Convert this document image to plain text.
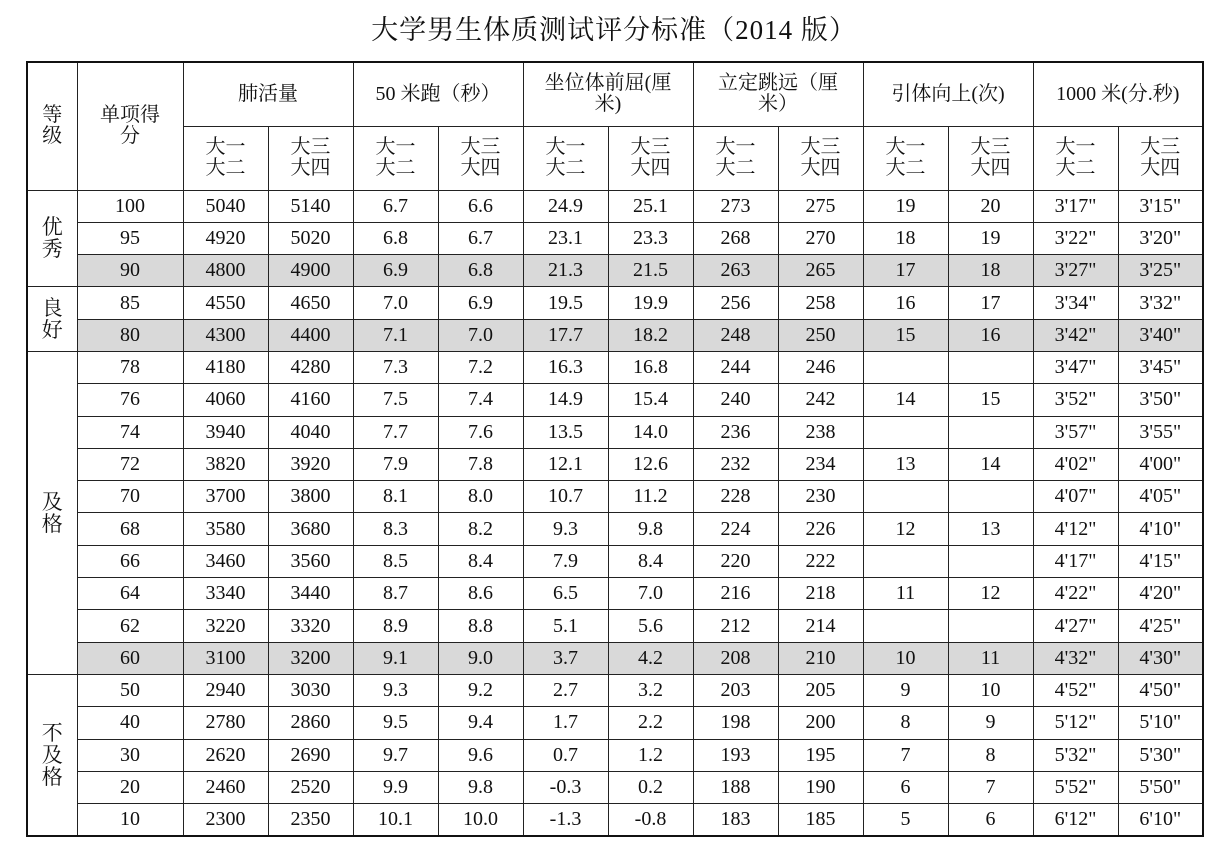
大学男生体质测试评分标准（2014 版）
等级	单项得分	肺活量		50 米跑（秒）		坐位体前屈(厘米)		立定跳远（厘米）		引体向上(次)		1000 米(分.秒)	
		大一大二	大三大四	大一大二	大三大四	大一大二	大三大四	大一大二	大三大四	大一大二	大三大四	大一大二	大三大四
优秀	100	5040	5140	6.7	6.6	24.9	25.1	273	275	19	20	3'17"	3'15"
	95	4920	5020	6.8	6.7	23.1	23.3	268	270	18	19	3'22"	3'20"
	90	4800	4900	6.9	6.8	21.3	21.5	263	265	17	18	3'27"	3'25"
良好	85	4550	4650	7.0	6.9	19.5	19.9	256	258	16	17	3'34"	3'32"
	80	4300	4400	7.1	7.0	17.7	18.2	248	250	15	16	3'42"	3'40"
及格	78	4180	4280	7.3	7.2	16.3	16.8	244	246			3'47"	3'45"
	76	4060	4160	7.5	7.4	14.9	15.4	240	242	14	15	3'52"	3'50"
	74	3940	4040	7.7	7.6	13.5	14.0	236	238			3'57"	3'55"
	72	3820	3920	7.9	7.8	12.1	12.6	232	234	13	14	4'02"	4'00"
	70	3700	3800	8.1	8.0	10.7	11.2	228	230			4'07"	4'05"
	68	3580	3680	8.3	8.2	9.3	9.8	224	226	12	13	4'12"	4'10"
	66	3460	3560	8.5	8.4	7.9	8.4	220	222			4'17"	4'15"
	64	3340	3440	8.7	8.6	6.5	7.0	216	218	11	12	4'22"	4'20"
	62	3220	3320	8.9	8.8	5.1	5.6	212	214			4'27"	4'25"
	60	3100	3200	9.1	9.0	3.7	4.2	208	210	10	11	4'32"	4'30"
不及格	50	2940	3030	9.3	9.2	2.7	3.2	203	205	9	10	4'52"	4'50"
	40	2780	2860	9.5	9.4	1.7	2.2	198	200	8	9	5'12"	5'10"
	30	2620	2690	9.7	9.6	0.7	1.2	193	195	7	8	5'32"	5'30"
	20	2460	2520	9.9	9.8	-0.3	0.2	188	190	6	7	5'52"	5'50"
	10	2300	2350	10.1	10.0	-1.3	-0.8	183	185	5	6	6'12"	6'10"
